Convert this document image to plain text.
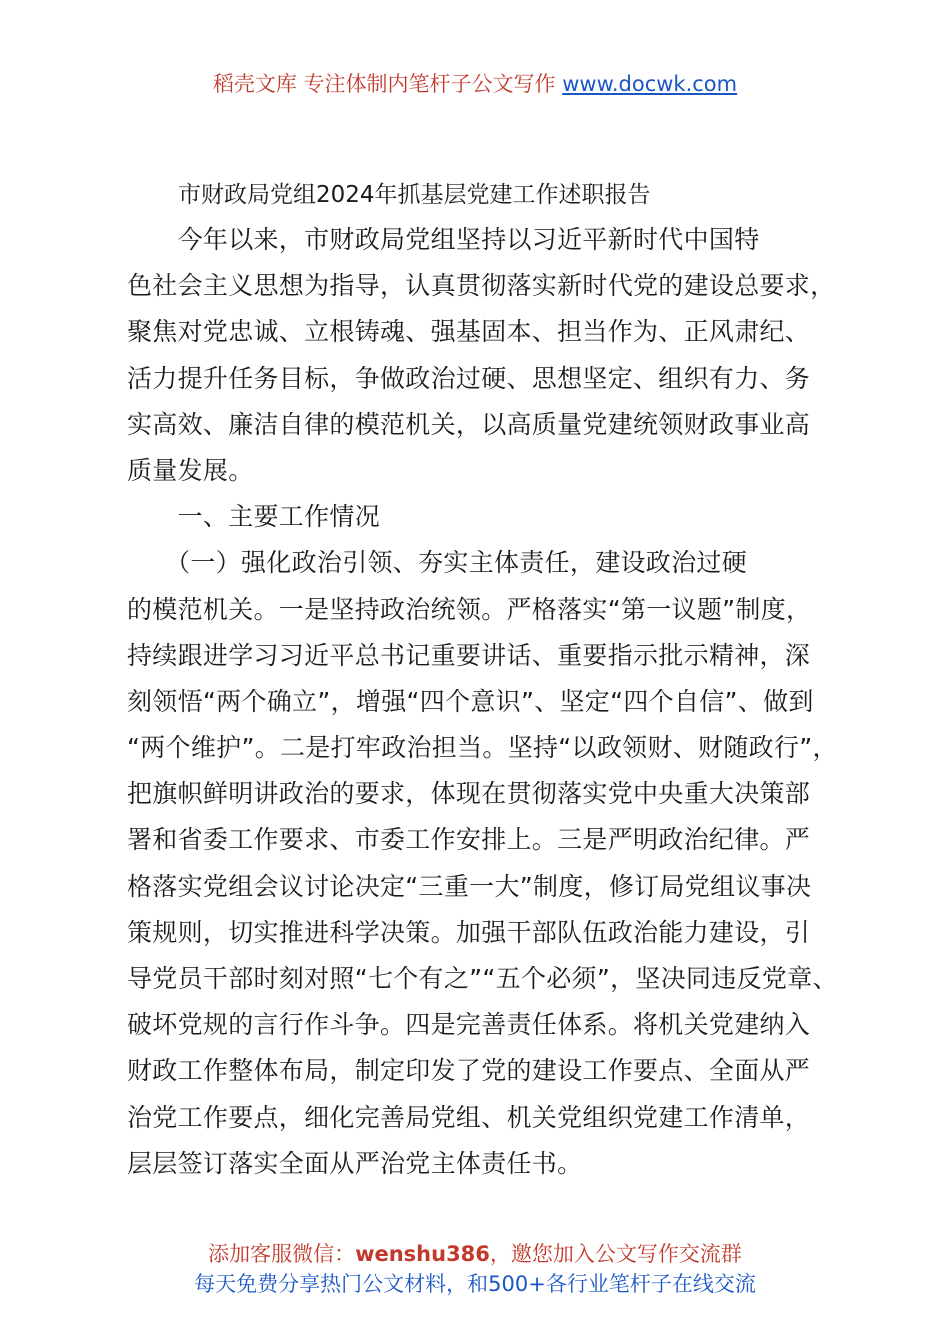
稻壳文库 专注体制内笔杆子公文写作 www.docwk.com
市财政局党组2024年抓基层党建工作述职报告
　　今年以来，市财政局党组坚持以习近平新时代中国特
色社会主义思想为指导，认真贯彻落实新时代党的建设总要求，
聚焦对党忠诚、立根铸魂、强基固本、担当作为、正风肃纪、
活力提升任务目标，争做政治过硬、思想坚定、组织有力、务
实高效、廉洁自律的模范机关，以高质量党建统领财政事业高
质量发展。
　　一、主要工作情况
　　（一）强化政治引领、夯实主体责任，建设政治过硬
的模范机关。一是坚持政治统领。严格落实“第一议题”制度，
持续跟进学习习近平总书记重要讲话、重要指示批示精神，深
刻领悟“两个确立”，增强“四个意识”、坚定“四个自信”、做到
“两个维护”。二是打牢政治担当。坚持“以政领财、财随政行”，
把旗帜鲜明讲政治的要求，体现在贯彻落实党中央重大决策部
署和省委工作要求、市委工作安排上。三是严明政治纪律。严
格落实党组会议讨论决定“三重一大”制度，修订局党组议事决
策规则，切实推进科学决策。加强干部队伍政治能力建设，引
导党员干部时刻对照“七个有之”“五个必须”，坚决同违反党章、
破坏党规的言行作斗争。四是完善责任体系。将机关党建纳入
财政工作整体布局，制定印发了党的建设工作要点、全面从严
治党工作要点，细化完善局党组、机关党组织党建工作清单，
层层签订落实全面从严治党主体责任书。
添加客服微信：wenshu386，邀您加入公文写作交流群
每天免费分享热门公文材料，和500+各行业笔杆子在线交流
